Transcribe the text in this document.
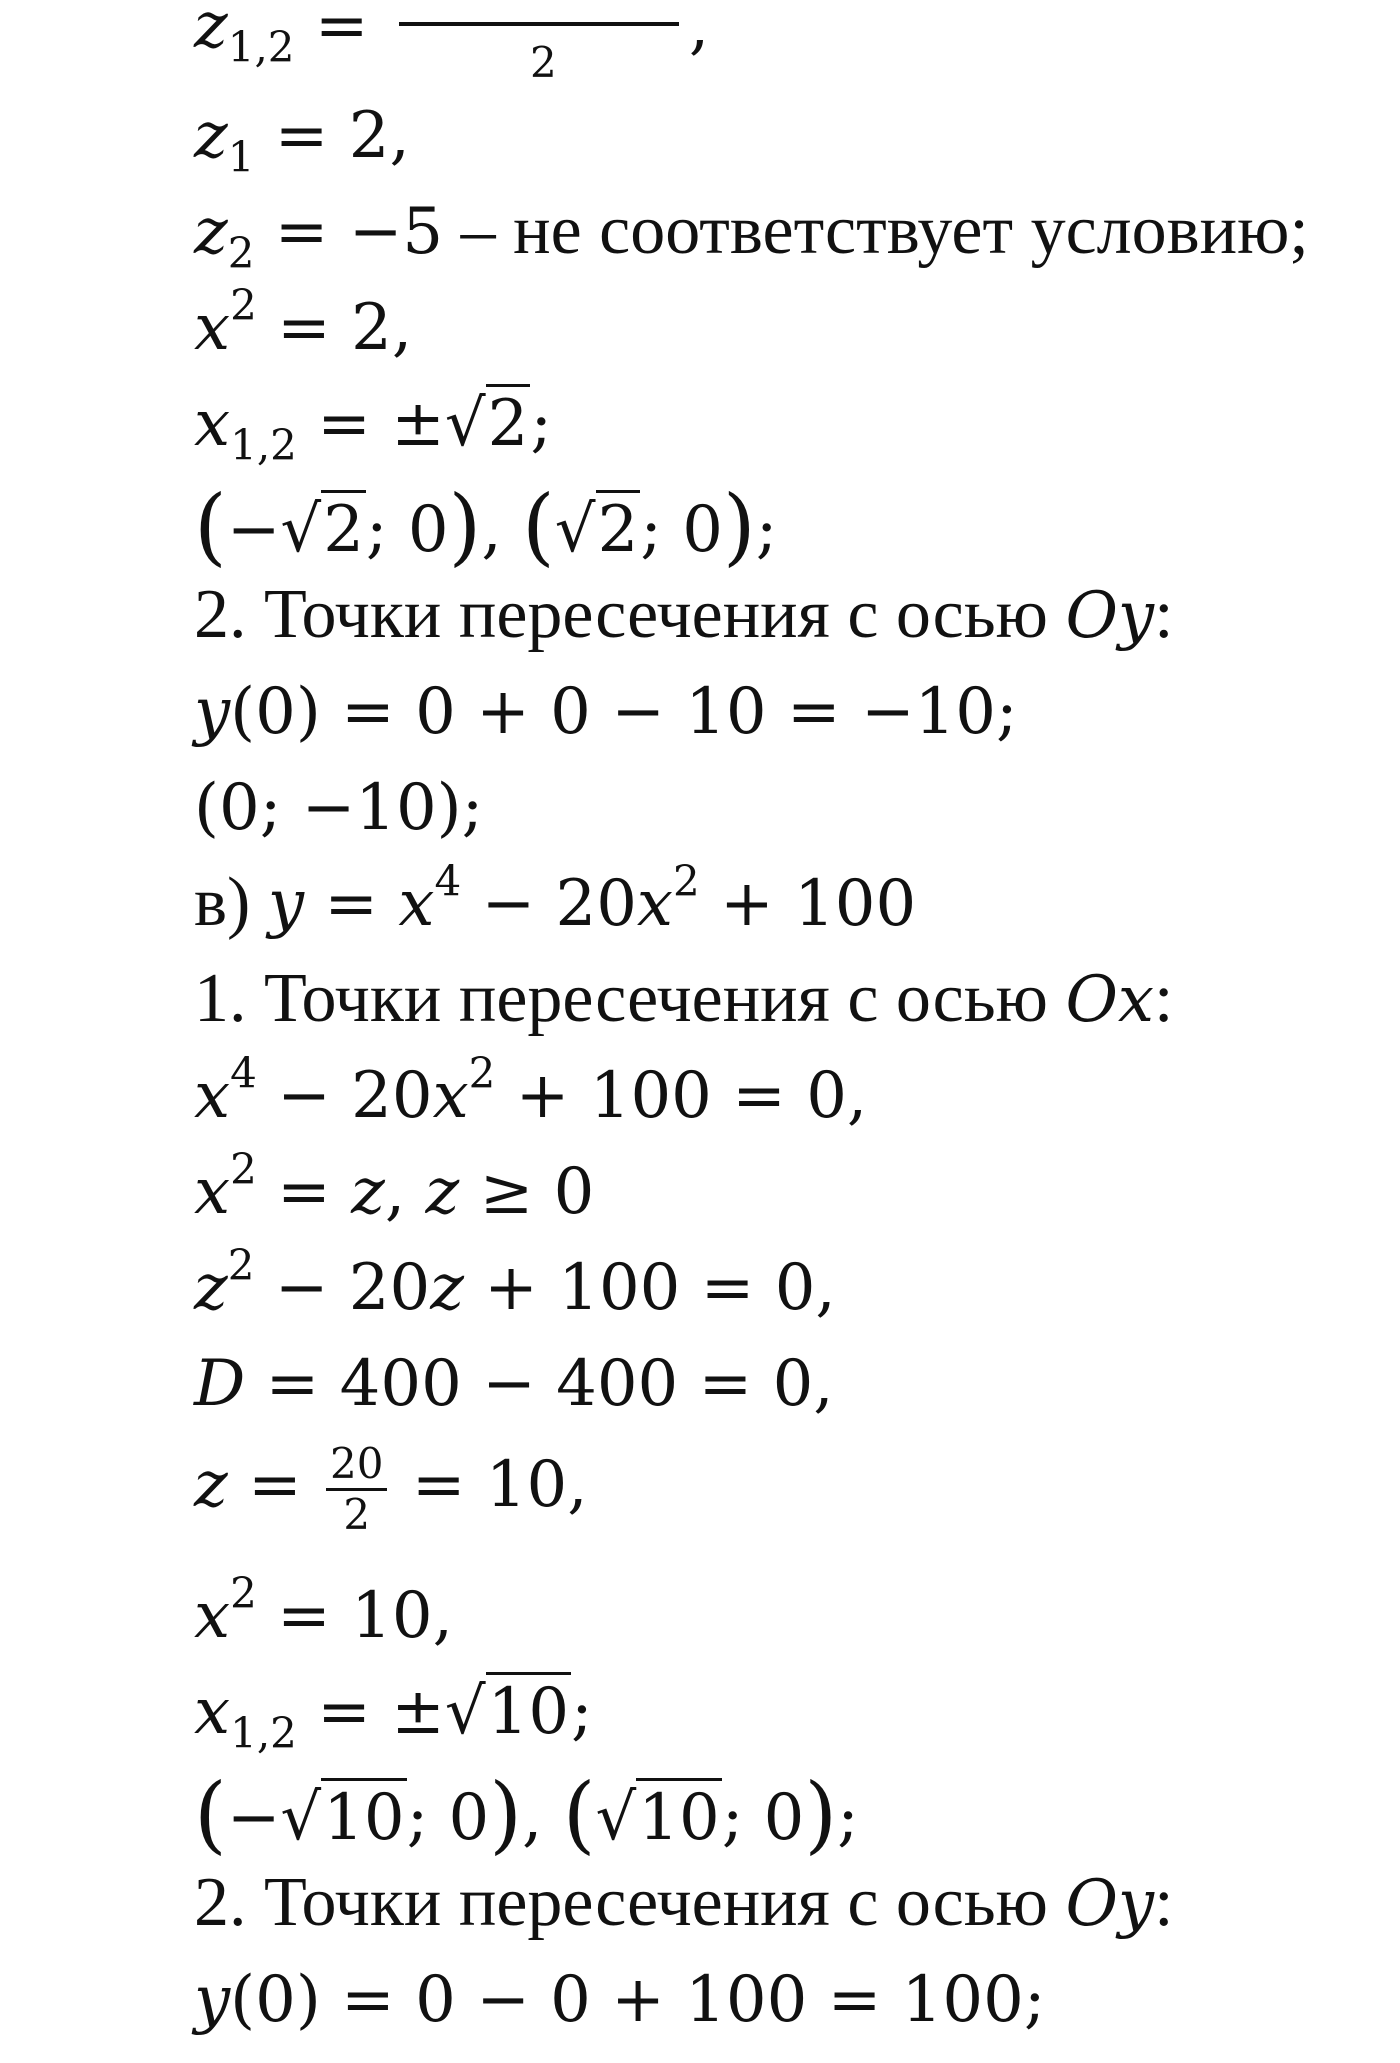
$z_{1,2}$ =	,
2
$z_1 = 2$,
$z_2 = -5$ – не соответствует условию;
$x^2 = 2$,
$x_{1,2} = \pm√2$;
(−√2; 0), (√2; 0);
2. Точки пересечения с осью Oy:
y(0) = 0 + 0 − 10 = −10;
(0; −10);
в) $y = x^4 - 20x^2 + 100$
1. Точки пересечения с осью Ox:
$x^4 - 20x^2 + 100 = 0$,
$x^2 = z$, z ≥ 0
$z^2 - 20z + 100 = 0$,
D = 400 − 400 = 0,
$z = \frac{20}{2} = 10$,
$x^2 = 10$,
$x_{1,2} = \pm√10$;
(−√10; 0), (√10; 0);
2. Точки пересечения с осью Oy:
y(0) = 0 − 0 + 100 = 100;
